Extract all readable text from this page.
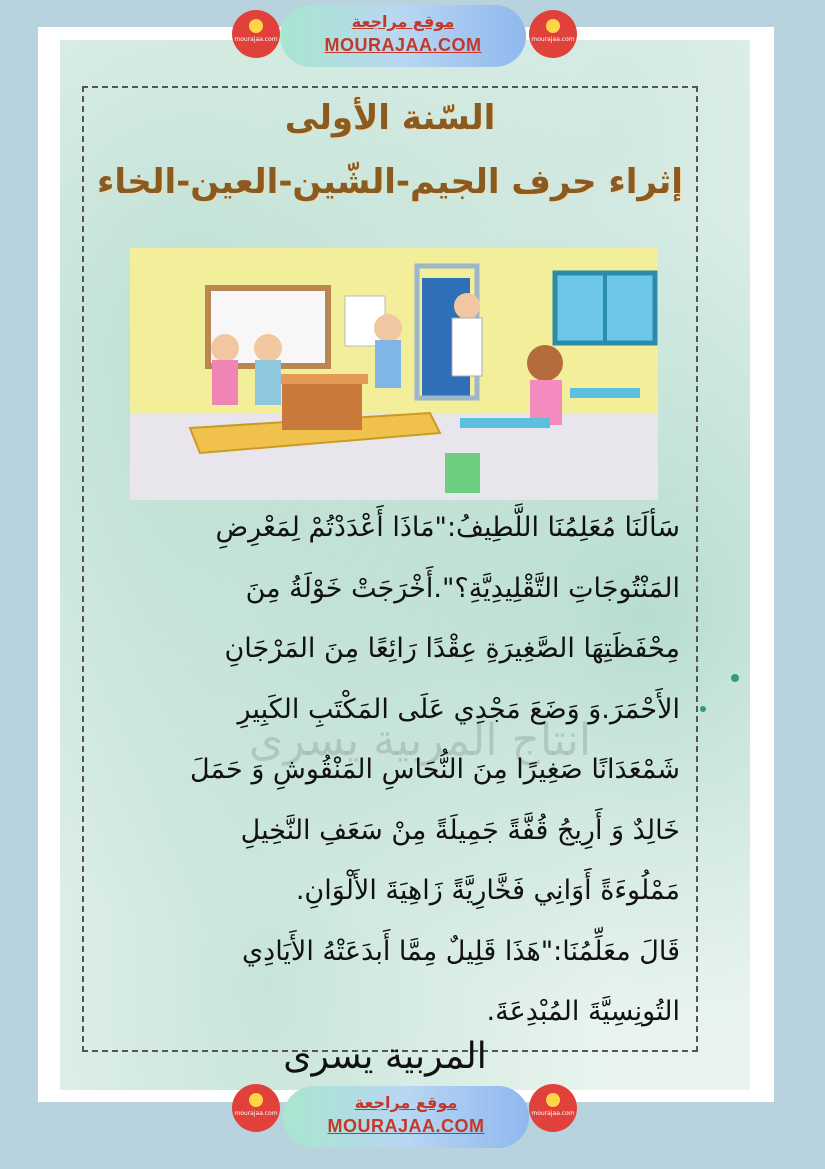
mourajaa.com
موقع مراجعة
MOURAJAA.COM	mourajaa.com
السّنة الأولى
إثراء حرف الجيم-الشّين-العين-الخاء
انتاج المربية يسرى

سَألَنَا مُعَلِمُنَا اللَّطِيفُ:"مَاذَا أَعْدَدْتُمْ لِمَعْرِضِ

المَنْتُوجَاتِ التَّقْلِيدِيَّةِ؟".أَخْرَجَتْ خَوْلَةُ مِنَ

مِحْفَظَتِهَا الصَّغِيرَةِ عِقْدًا رَائِعًا مِنَ المَرْجَانِ

الأَحْمَرَ.وَ وَضَعَ مَجْدِي عَلَى المَكْتَبِ الكَبِيرِ

شَمْعَدَانًا صَغِيرًا مِنَ النُّحَاسِ المَنْقُوشِ وَ حَمَلَ

خَالِدٌ وَ أَرِيجُ قُفَّةً جَمِيلَةً مِنْ سَعَفِ النَّخِيلِ

مَمْلُوءَةً أَوَانِي فَخَّارِيَّةً زَاهِيَةَ الأَلْوَانِ.

قَالَ معَلِّمُنَا:"هَذَا قَلِيلٌ مِمَّا أَبدَعَتْهُ الأَيَادِي

التُونِسِيَّةَ المُبْدِعَةَ.

المربية يسرى
mourajaa.com
موقع مراجعة
MOURAJAA.COM
mourajaa.com
